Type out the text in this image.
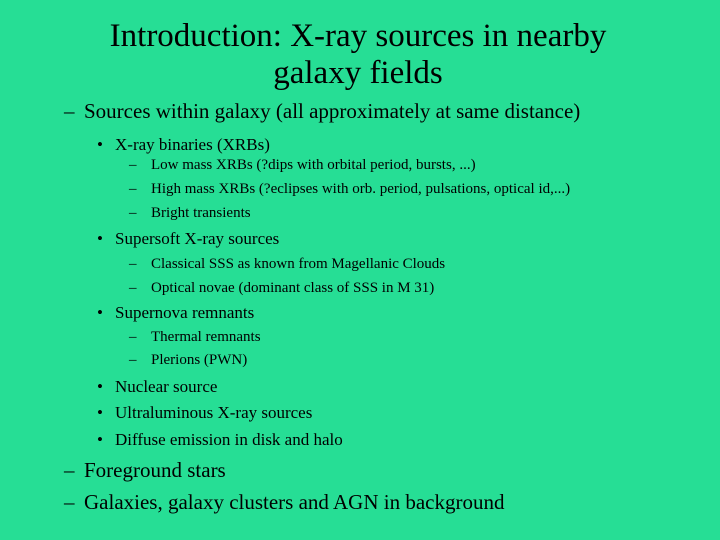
Introduction: X-ray sources in nearby
galaxy fields
– Sources within galaxy (all approximately at same distance)
• X-ray binaries (XRBs)
– Low mass XRBs (?dips with orbital period, bursts, ...)
– High mass XRBs (?eclipses with orb. period, pulsations, optical id,...)
– Bright transients
• Supersoft X-ray sources
– Classical SSS as known from Magellanic Clouds
– Optical novae (dominant class of SSS in M 31)
• Supernova remnants
– Thermal remnants
– Plerions (PWN)
• Nuclear source
• Ultraluminous X-ray sources
• Diffuse emission in disk and halo
– Foreground stars
– Galaxies, galaxy clusters and AGN in background
